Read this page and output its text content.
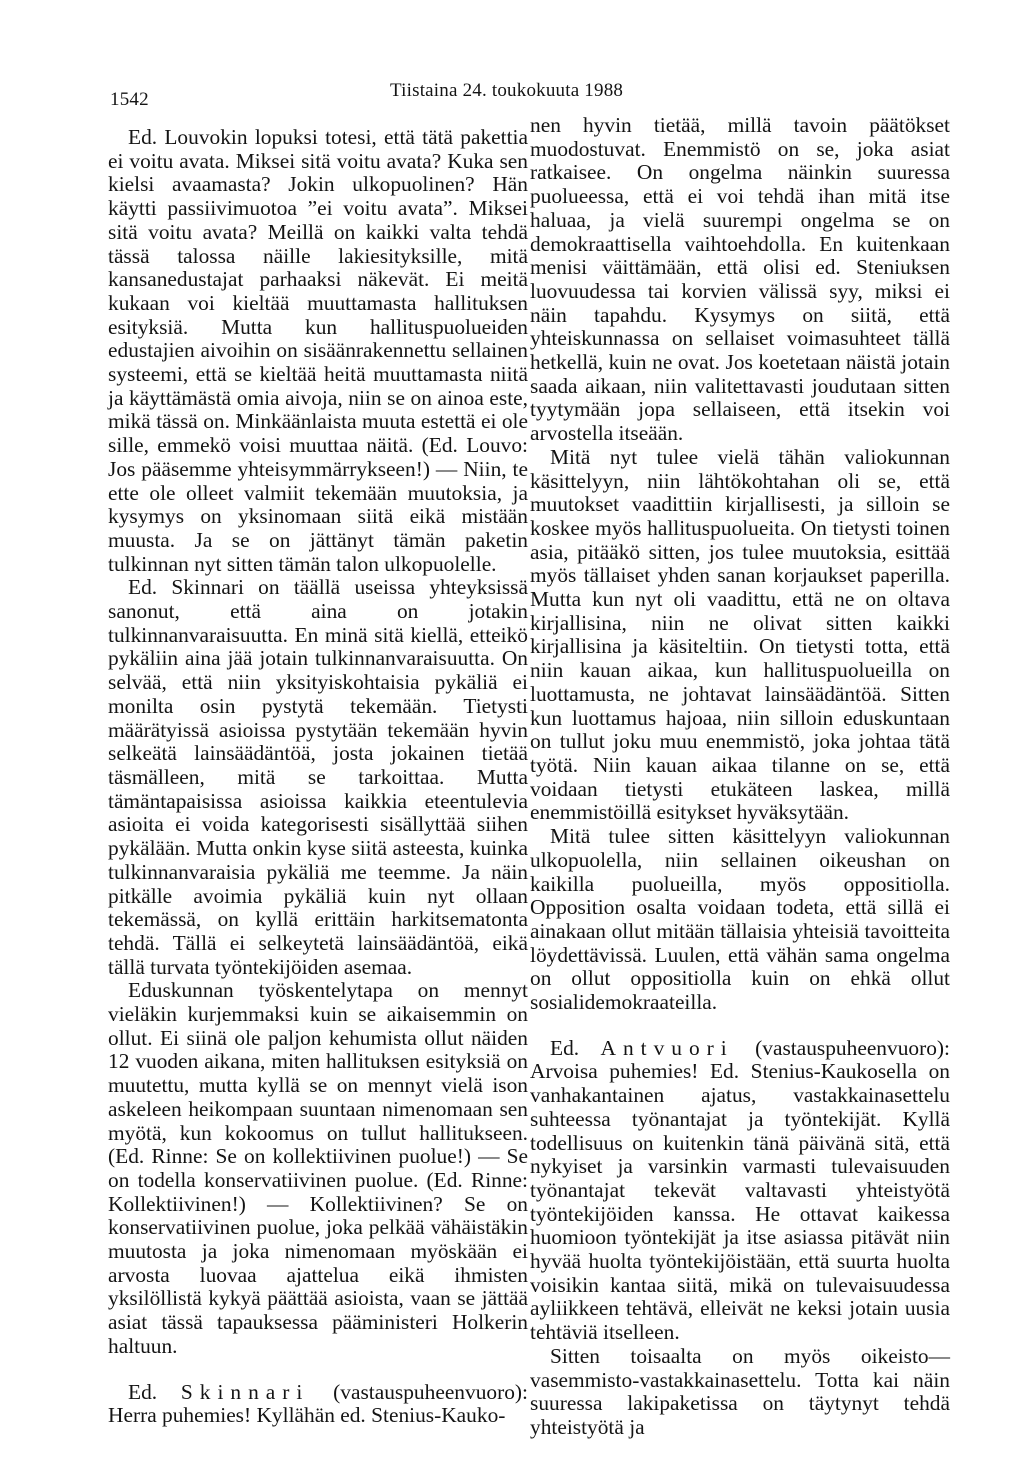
1542	Tiistaina 24. toukokuuta 1988

Ed. Louvokin lopuksi totesi, että tätä pakettia ei voitu avata. Miksei sitä voitu avata? Kuka sen kielsi avaamasta? Jokin ulkopuolinen? Hän käytti passiivimuotoa ”ei voitu avata”. Miksei sitä voitu avata? Meillä on kaikki valta tehdä tässä talossa näille lakiesityksille, mitä kansanedustajat parhaaksi näkevät. Ei meitä kukaan voi kieltää muuttamasta hallituksen esityksiä. Mutta kun hallituspuolueiden edustajien aivoihin on sisäänrakennettu sellainen systeemi, että se kieltää heitä muuttamasta niitä ja käyttämästä omia aivoja, niin se on ainoa este, mikä tässä on. Minkäänlaista muuta estettä ei ole sille, emmekö voisi muuttaa näitä. (Ed. Louvo: Jos pääsemme yhteisymmärrykseen!) — Niin, te ette ole olleet valmiit tekemään muutoksia, ja kysymys on yksinomaan siitä eikä mistään muusta. Ja se on jättänyt tämän paketin tulkinnan nyt sitten tämän talon ulkopuolelle.

Ed. Skinnari on täällä useissa yhteyksissä sanonut, että aina on jotakin tulkinnanvaraisuutta. En minä sitä kiellä, etteikö pykäliin aina jää jotain tulkinnanvaraisuutta. On selvää, että niin yksityiskohtaisia pykäliä ei monilta osin pystytä tekemään. Tietysti määrätyissä asioissa pystytään tekemään hyvin selkeätä lainsäädäntöä, josta jokainen tietää täsmälleen, mitä se tarkoittaa. Mutta tämäntapaisissa asioissa kaikkia eteentulevia asioita ei voida kategorisesti sisällyttää siihen pykälään. Mutta onkin kyse siitä asteesta, kuinka tulkinnanvaraisia pykäliä me teemme. Ja näin pitkälle avoimia pykäliä kuin nyt ollaan tekemässä, on kyllä erittäin harkitsematonta tehdä. Tällä ei selkeytetä lainsäädäntöä, eikä tällä turvata työntekijöiden asemaa.

Eduskunnan työskentelytapa on mennyt vieläkin kurjemmaksi kuin se aikaisemmin on ollut. Ei siinä ole paljon kehumista ollut näiden 12 vuoden aikana, miten hallituksen esityksiä on muutettu, mutta kyllä se on mennyt vielä ison askeleen heikompaan suuntaan nimenomaan sen myötä, kun kokoomus on tullut hallitukseen. (Ed. Rinne: Se on kollektiivinen puolue!) — Se on todella konservatiivinen puolue. (Ed. Rinne: Kollektiivinen!) — Kollektiivinen? Se on konservatiivinen puolue, joka pelkää vähäistäkin muutosta ja joka nimenomaan myöskään ei arvosta luovaa ajattelua eikä ihmisten yksilöllistä kykyä päättää asioista, vaan se jättää asiat tässä tapauksessa pääministeri Holkerin haltuun.

Ed. Skinnari (vastauspuheenvuoro): Herra puhemies! Kyllähän ed. Stenius-Kauko-

nen hyvin tietää, millä tavoin päätökset muodostuvat. Enemmistö on se, joka asiat ratkaisee. On ongelma näinkin suuressa puolueessa, että ei voi tehdä ihan mitä itse haluaa, ja vielä suurempi ongelma se on demokraattisella vaihtoehdolla. En kuitenkaan menisi väittämään, että olisi ed. Steniuksen luovuudessa tai korvien välissä syy, miksi ei näin tapahdu. Kysymys on siitä, että yhteiskunnassa on sellaiset voimasuhteet tällä hetkellä, kuin ne ovat. Jos koetetaan näistä jotain saada aikaan, niin valitettavasti joudutaan sitten tyytymään jopa sellaiseen, että itsekin voi arvostella itseään.

Mitä nyt tulee vielä tähän valiokunnan käsittelyyn, niin lähtökohtahan oli se, että muutokset vaadittiin kirjallisesti, ja silloin se koskee myös hallituspuolueita. On tietysti toinen asia, pitääkö sitten, jos tulee muutoksia, esittää myös tällaiset yhden sanan korjaukset paperilla. Mutta kun nyt oli vaadittu, että ne on oltava kirjallisina, niin ne olivat sitten kaikki kirjallisina ja käsiteltiin. On tietysti totta, että niin kauan aikaa, kun hallituspuolueilla on luottamusta, ne johtavat lainsäädäntöä. Sitten kun luottamus hajoaa, niin silloin eduskuntaan on tullut joku muu enemmistö, joka johtaa tätä työtä. Niin kauan aikaa tilanne on se, että voidaan tietysti etukäteen laskea, millä enemmistöillä esitykset hyväksytään.

Mitä tulee sitten käsittelyyn valiokunnan ulkopuolella, niin sellainen oikeushan on kaikilla puolueilla, myös oppositiolla. Opposition osalta voidaan todeta, että sillä ei ainakaan ollut mitään tällaisia yhteisiä tavoitteita löydettävissä. Luulen, että vähän sama ongelma on ollut oppositiolla kuin on ehkä ollut sosialidemokraateilla.

Ed. Antvuori (vastauspuheenvuoro): Arvoisa puhemies! Ed. Stenius-Kaukosella on vanhakantainen ajatus, vastakkainasettelu suhteessa työnantajat ja työntekijät. Kyllä todellisuus on kuitenkin tänä päivänä sitä, että nykyiset ja varsinkin varmasti tulevaisuuden työnantajat tekevät valtavasti yhteistyötä työntekijöiden kanssa. He ottavat kaikessa huomioon työntekijät ja itse asiassa pitävät niin hyvää huolta työntekijöistään, että suurta huolta voisikin kantaa siitä, mikä on tulevaisuudessa ayliikkeen tehtävä, elleivät ne keksi jotain uusia tehtäviä itselleen.

Sitten toisaalta on myös oikeisto—vasemmisto-vastakkainasettelu. Totta kai näin suuressa lakipaketissa on täytynyt tehdä yhteistyötä ja
